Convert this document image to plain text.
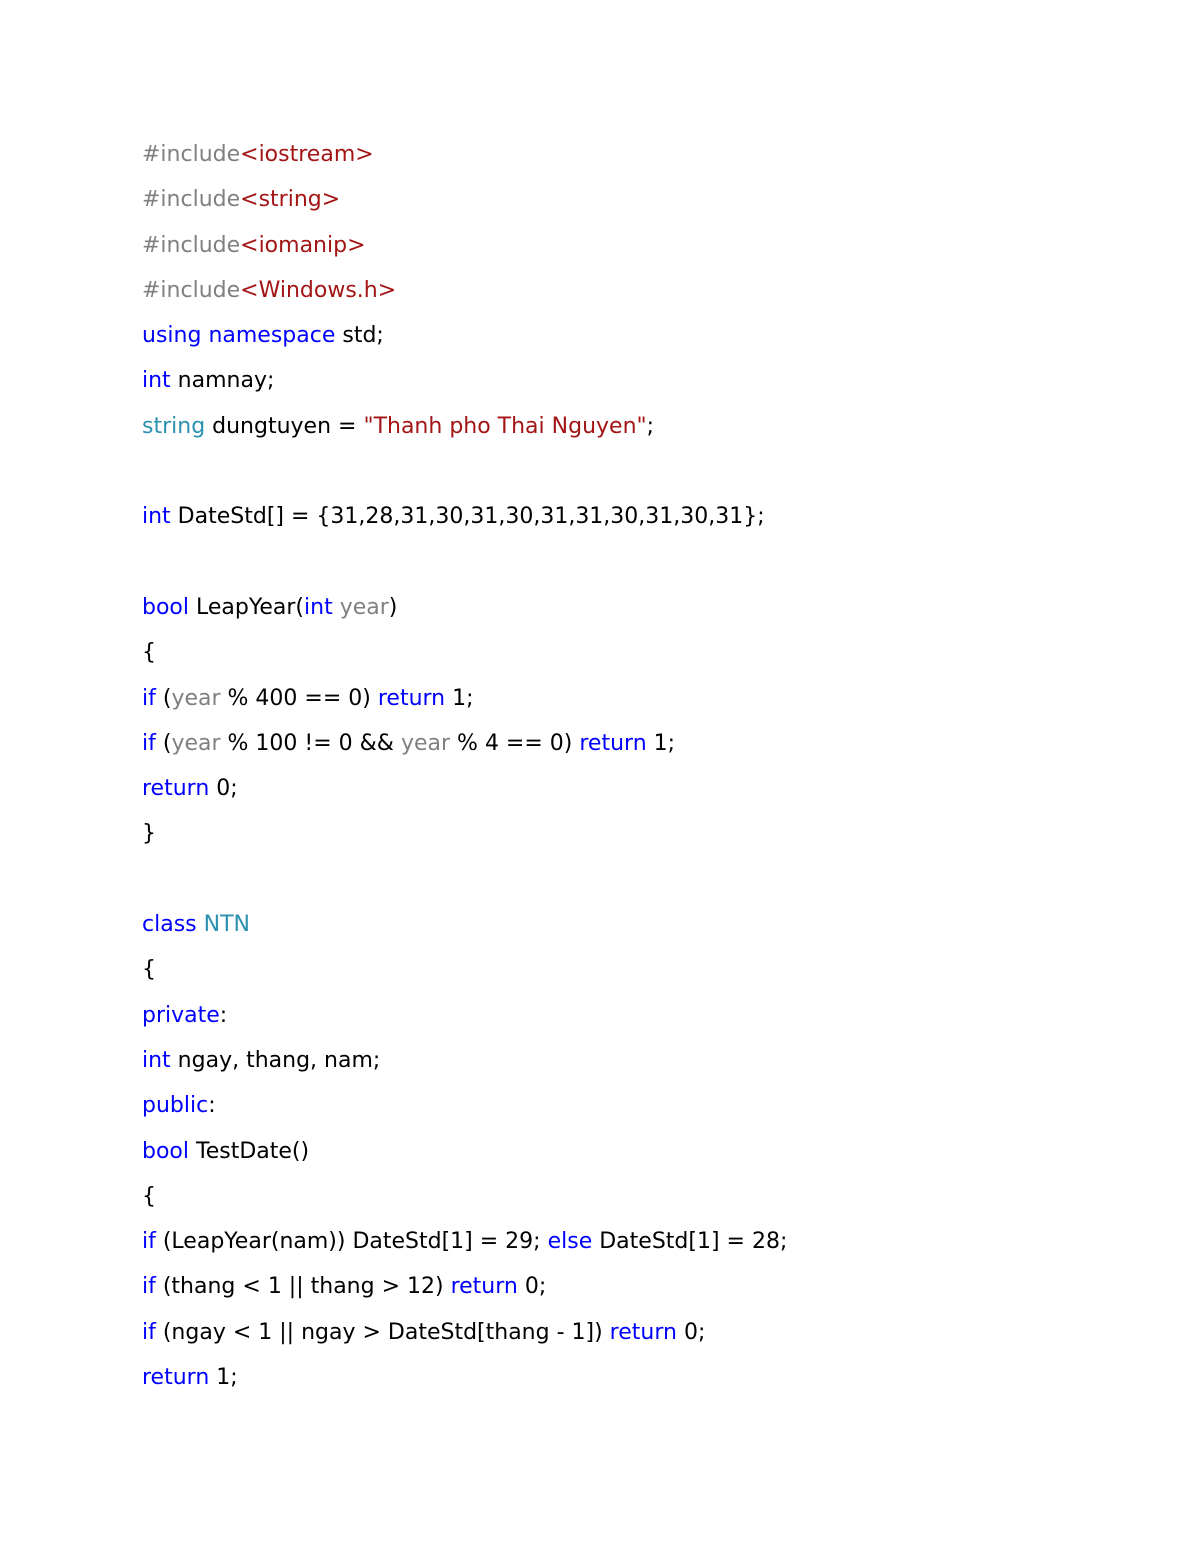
#include<iostream>
#include<string>
#include<iomanip>
#include<Windows.h>
using namespace std;
int namnay;
string dungtuyen = "Thanh pho Thai Nguyen";
int DateStd[] = {31,28,31,30,31,30,31,31,30,31,30,31};
bool LeapYear(int year)
{
if (year % 400 == 0) return 1;
if (year % 100 != 0 && year % 4 == 0) return 1;
return 0;
}
class NTN
{
private:
int ngay, thang, nam;
public:
bool TestDate()
{
if (LeapYear(nam)) DateStd[1] = 29; else DateStd[1] = 28;
if (thang < 1 || thang > 12) return 0;
if (ngay < 1 || ngay > DateStd[thang - 1]) return 0;
return 1;
